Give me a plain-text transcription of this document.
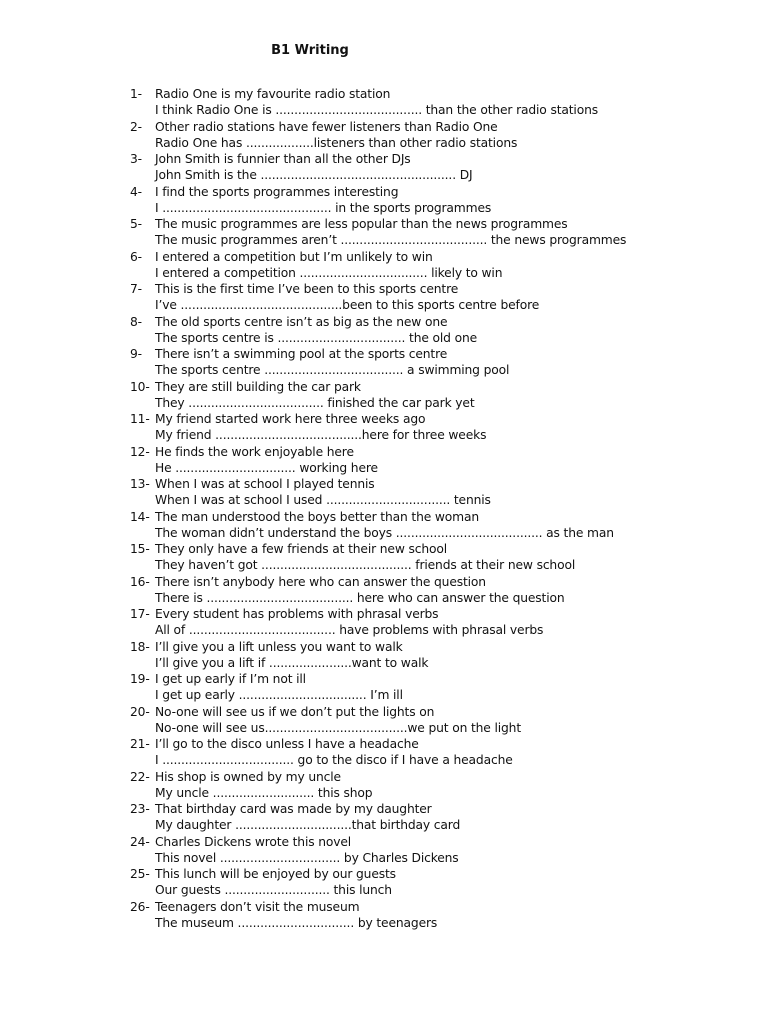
B1 Writing
1-	Radio One is my favourite radio station
I think Radio One is ....................................... than the other radio stations
2-	Other radio stations have fewer listeners than Radio One
Radio One has ..................listeners than other radio stations
3-	John Smith is funnier than all the other DJs
John Smith is the .................................................... DJ
4-	I find the sports programmes interesting
I ............................................. in the sports programmes
5-	The music programmes are less popular than the news programmes
The music programmes aren’t ....................................... the news programmes
6-	I entered a competition but I’m unlikely to win
I entered a competition .................................. likely to win
7-	This is the first time I’ve been to this sports centre
I’ve ...........................................been to this sports centre before
8-	The old sports centre isn’t as big as the new one
The sports centre is .................................. the old one
9-	There isn’t a swimming pool at the sports centre
The sports centre ..................................... a swimming pool
10- They are still building the car park
They .................................... finished the car park yet
11- My friend started work here three weeks ago
My friend .......................................here for three weeks
12- He finds the work enjoyable here
He ................................ working here
13- When I was at school I played tennis
When I was at school I used ................................. tennis
14- The man understood the boys better than the woman
The woman didn’t understand the boys ....................................... as the man
15- They only have a few friends at their new school
They haven’t got ........................................ friends at their new school
16- There isn’t anybody here who can answer the question
There is ....................................... here who can answer the question
17- Every student has problems with phrasal verbs
All of ....................................... have problems with phrasal verbs
18- I’ll give you a lift unless you want to walk
I’ll give you a lift if ......................want to walk
19- I get up early if I’m not ill
I get up early .................................. I’m ill
20- No-one will see us if we don’t put the lights on
No-one will see us......................................we put on the light
21- I’ll go to the disco unless I have a headache
I ................................... go to the disco if I have a headache
22- His shop is owned by my uncle
My uncle ........................... this shop
23- That birthday card was made by my daughter
My daughter ...............................that birthday card
24- Charles Dickens wrote this novel
This novel ................................ by Charles Dickens
25- This lunch will be enjoyed by our guests
Our guests ............................ this lunch
26- Teenagers don’t visit the museum
The museum ............................... by teenagers
